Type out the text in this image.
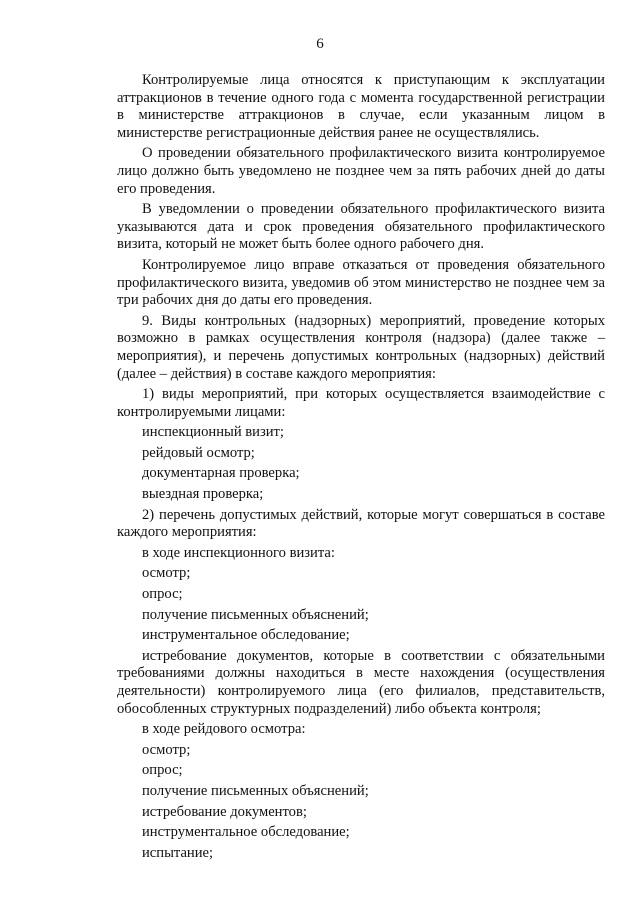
6

Контролируемые лица относятся к приступающим к эксплуатации аттракционов в течение одного года с момента государственной регистрации в министерстве аттракционов в случае, если указанным лицом в министерстве регистрационные действия ранее не осуществлялись.

О проведении обязательного профилактического визита контролируемое лицо должно быть уведомлено не позднее чем за пять рабочих дней до даты его проведения.

В уведомлении о проведении обязательного профилактического визита указываются дата и срок проведения обязательного профилактического визита, который не может быть более одного рабочего дня.

Контролируемое лицо вправе отказаться от проведения обязательного профилактического визита, уведомив об этом министерство не позднее чем за три рабочих дня до даты его проведения.

9. Виды контрольных (надзорных) мероприятий, проведение которых возможно в рамках осуществления контроля (надзора) (далее также – мероприятия), и перечень допустимых контрольных (надзорных) действий (далее – действия) в составе каждого мероприятия:

1) виды мероприятий, при которых осуществляется взаимодействие с контролируемыми лицами:

инспекционный визит;

рейдовый осмотр;

документарная проверка;

выездная проверка;

2) перечень допустимых действий, которые могут совершаться в составе каждого мероприятия:

в ходе инспекционного визита:

осмотр;

опрос;

получение письменных объяснений;

инструментальное обследование;

истребование документов, которые в соответствии с обязательными требованиями должны находиться в месте нахождения (осуществления деятельности) контролируемого лица (его филиалов, представительств, обособленных структурных подразделений) либо объекта контроля;

в ходе рейдового осмотра:

осмотр;

опрос;

получение письменных объяснений;

истребование документов;

инструментальное обследование;

испытание;
